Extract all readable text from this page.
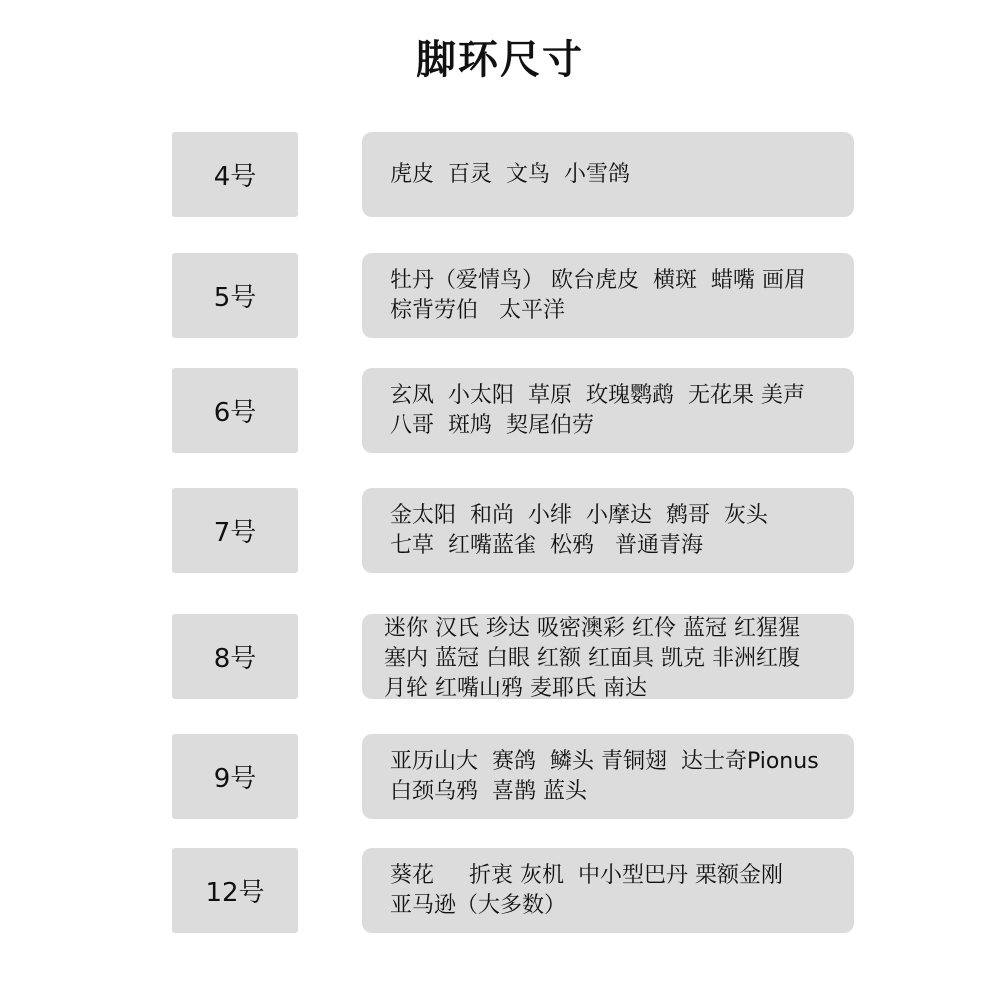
脚环尺寸
4号	虎皮  百灵  文鸟  小雪鸽
5号
牡丹（爱情鸟） 欧台虎皮  横斑  蜡嘴 画眉
棕背劳伯   太平洋
6号
玄凤  小太阳  草原  玫瑰鹦鹉  无花果 美声
八哥  斑鸠  契尾伯劳
7号
金太阳  和尚  小绯  小摩达  鹩哥  灰头
七草  红嘴蓝雀  松鸦   普通青海
8号
迷你 汉氏 珍达 吸密澳彩 红伶 蓝冠 红猩猩
塞内 蓝冠 白眼 红额 红面具 凯克 非洲红腹
月轮 红嘴山鸦 麦耶氏 南达
9号
亚历山大  赛鸽  鳞头 青铜翅  达士奇Pionus
白颈乌鸦  喜鹊 蓝头
12号
葵花     折衷 灰机  中小型巴丹 栗额金刚
亚马逊（大多数）
